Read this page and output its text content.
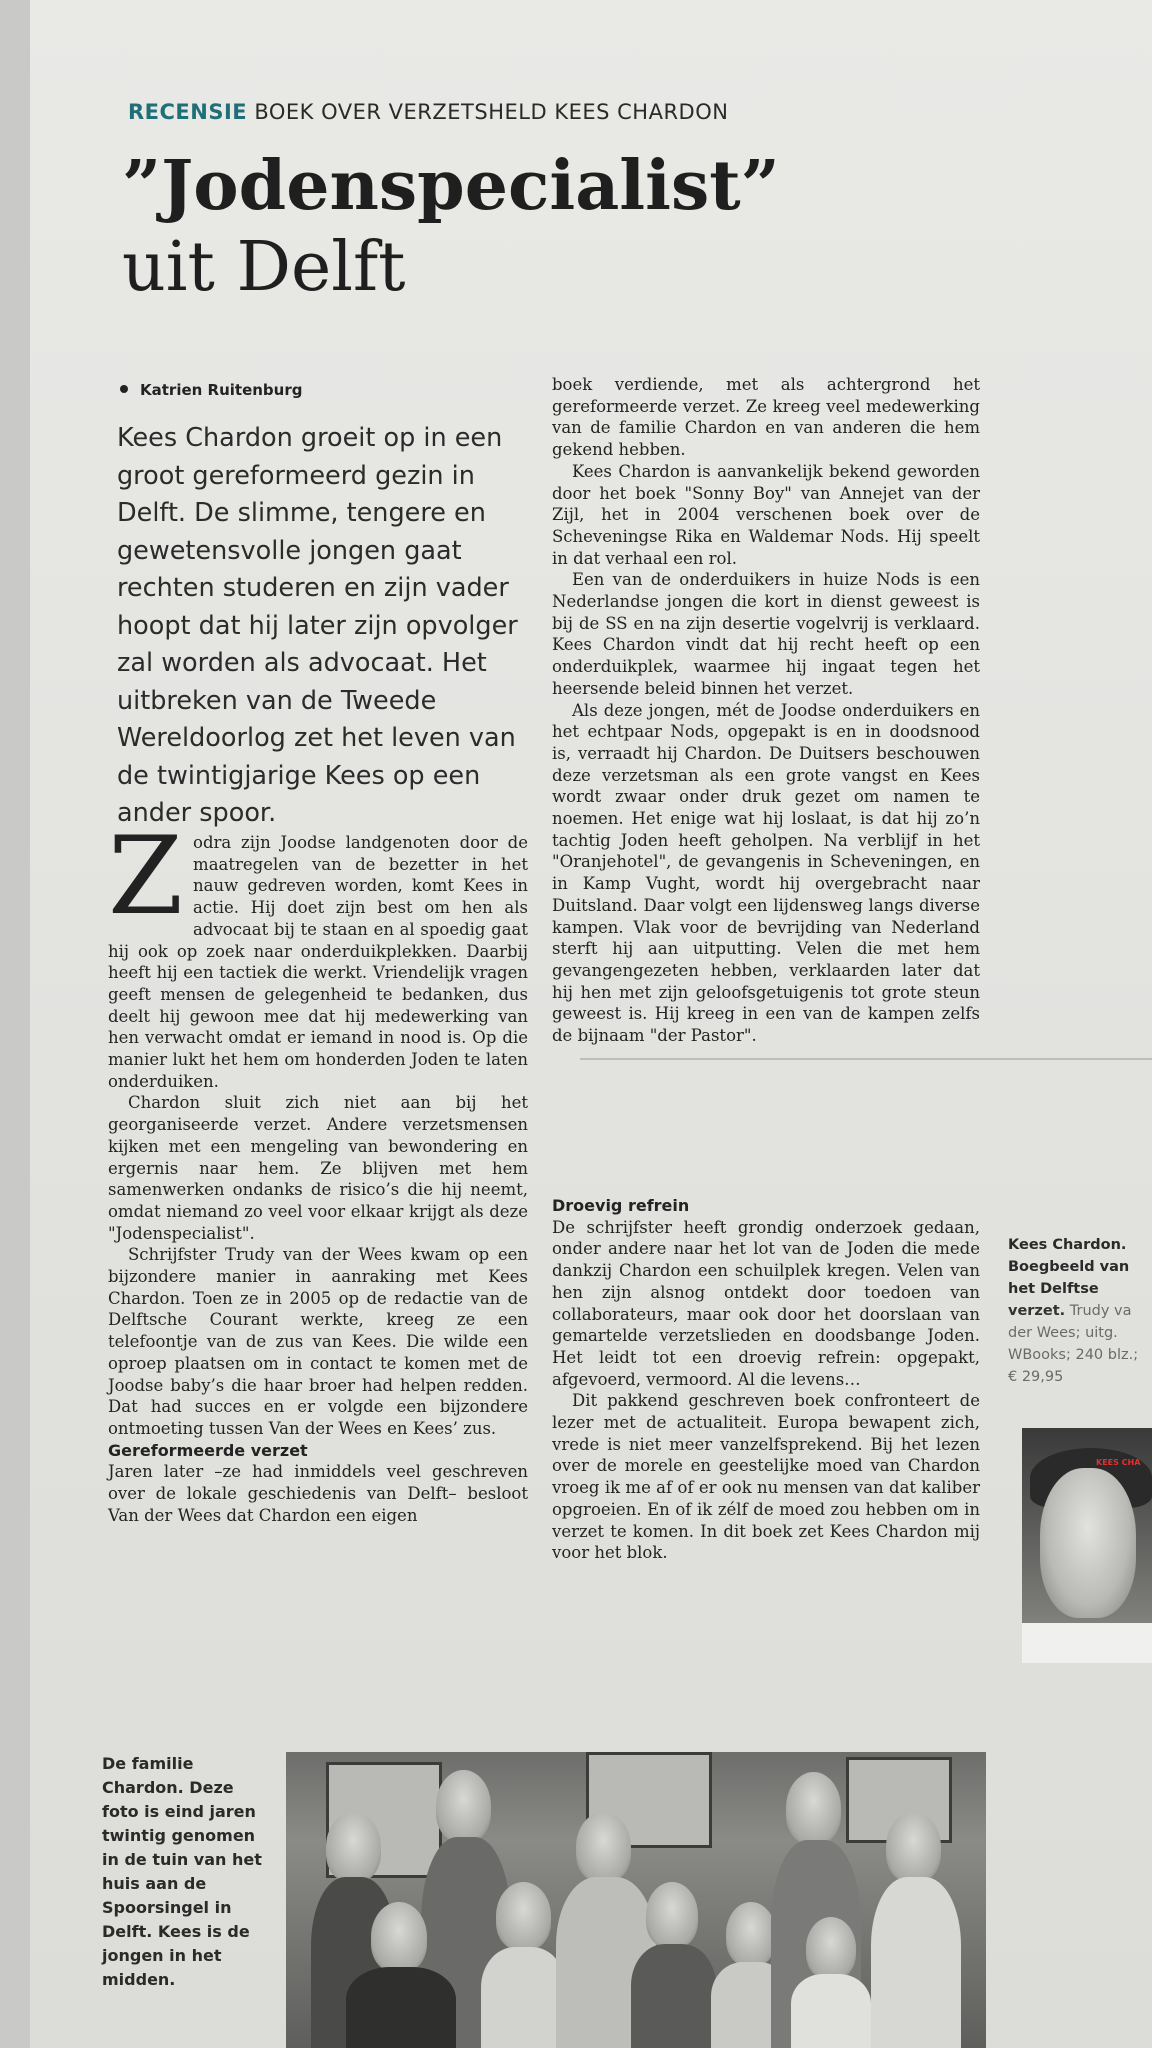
RECENSIE BOEK OVER VERZETSHELD KEES CHARDON
”Jodenspecialist”
uit Delft
Katrien Ruitenburg

Kees Chardon groeit op in een groot gereformeerd gezin in Delft. De slimme, tengere en gewetensvolle jongen gaat rechten studeren en zijn vader hoopt dat hij later zijn opvolger zal worden als advocaat. Het uitbreken van de Tweede Wereldoorlog zet het leven van de twintigjarige Kees op een ander spoor.

Zodra zijn Joodse landgenoten door de maatregelen van de bezetter in het nauw gedreven worden, komt Kees in actie. Hij doet zijn best om hen als advocaat bij te staan en al spoedig gaat hij ook op zoek naar onderduikplekken. Daarbij heeft hij een tactiek die werkt. Vriendelijk vragen geeft mensen de gelegenheid te bedanken, dus deelt hij gewoon mee dat hij medewerking van hen verwacht omdat er iemand in nood is. Op die manier lukt het hem om honderden Joden te laten onderduiken.

Chardon sluit zich niet aan bij het georganiseerde verzet. Andere verzetsmensen kijken met een mengeling van bewondering en ergernis naar hem. Ze blijven met hem samenwerken ondanks de risico’s die hij neemt, omdat niemand zo veel voor elkaar krijgt als deze "Jodenspecialist".

Schrijfster Trudy van der Wees kwam op een bijzondere manier in aanraking met Kees Chardon. Toen ze in 2005 op de redactie van de Delftsche Courant werkte, kreeg ze een telefoontje van de zus van Kees. Die wilde een oproep plaatsen om in contact te komen met de Joodse baby’s die haar broer had helpen redden. Dat had succes en er volgde een bijzondere ontmoeting tussen Van der Wees en Kees’ zus.

Gereformeerde verzet

Jaren later –ze had inmiddels veel geschreven over de lokale geschiedenis van Delft– besloot Van der Wees dat Chardon een eigen

boek verdiende, met als achtergrond het gereformeerde verzet. Ze kreeg veel medewerking van de familie Chardon en van anderen die hem gekend hebben.

Kees Chardon is aanvankelijk bekend geworden door het boek "Sonny Boy" van Annejet van der Zijl, het in 2004 verschenen boek over de Scheveningse Rika en Waldemar Nods. Hij speelt in dat verhaal een rol.

Een van de onderduikers in huize Nods is een Nederlandse jongen die kort in dienst geweest is bij de SS en na zijn desertie vogelvrij is verklaard. Kees Chardon vindt dat hij recht heeft op een onderduikplek, waarmee hij ingaat tegen het heersende beleid binnen het verzet.

Als deze jongen, mét de Joodse onderduikers en het echtpaar Nods, opgepakt is en in doodsnood is, verraadt hij Chardon. De Duitsers beschouwen deze verzetsman als een grote vangst en Kees wordt zwaar onder druk gezet om namen te noemen. Het enige wat hij loslaat, is dat hij zo’n tachtig Joden heeft geholpen. Na verblijf in het "Oranjehotel", de gevangenis in Scheveningen, en in Kamp Vught, wordt hij overgebracht naar Duitsland. Daar volgt een lijdensweg langs diverse kampen. Vlak voor de bevrijding van Nederland sterft hij aan uitputting. Velen die met hem gevangengezeten hebben, verklaarden later dat hij hen met zijn geloofsgetuigenis tot grote steun geweest is. Hij kreeg in een van de kampen zelfs de bijnaam "der Pastor".

Droevig refrein

De schrijfster heeft grondig onderzoek gedaan, onder andere naar het lot van de Joden die mede dankzij Chardon een schuilplek kregen. Velen van hen zijn alsnog ontdekt door toedoen van collaborateurs, maar ook door het doorslaan van gemartelde verzetslieden en doodsbange Joden. Het leidt tot een droevig refrein: opgepakt, afgevoerd, vermoord. Al die levens…

Dit pakkend geschreven boek confronteert de lezer met de actualiteit. Europa bewapent zich, vrede is niet meer vanzelfsprekend. Bij het lezen over de morele en geestelijke moed van Chardon vroeg ik me af of er ook nu mensen van dat kaliber opgroeien. En of ik zélf de moed zou hebben om in verzet te komen. In dit boek zet Kees Chardon mij voor het blok.

Kees Chardon.
Boegbeeld van het Delftse
verzet. Trudy va der Wees; uitg. WBooks; 240 blz.; € 29,95
KEES CHA
De familie Chardon. Deze foto is eind jaren twintig genomen in de tuin van het huis aan de Spoorsingel in Delft. Kees is de jongen in het midden.
